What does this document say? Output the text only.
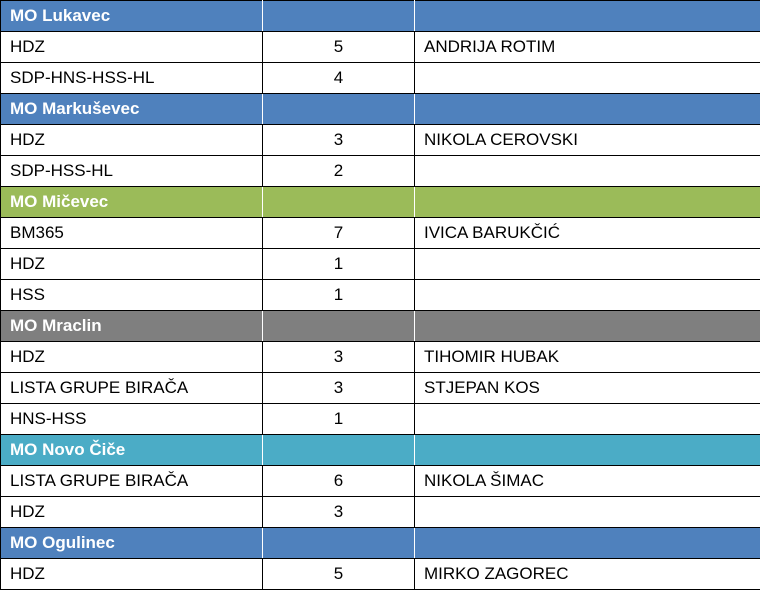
MO Lukavec		
HDZ	5	ANDRIJA ROTIM
SDP-HNS-HSS-HL	4	
MO Markuševec		
HDZ	3	NIKOLA CEROVSKI
SDP-HSS-HL	2	
MO Mičevec		
BM365	7	IVICA BARUKČIĆ
HDZ	1	
HSS	1	
MO Mraclin		
HDZ	3	TIHOMIR HUBAK
LISTA GRUPE BIRAČA	3	STJEPAN KOS
HNS-HSS	1	
MO Novo Čiče		
LISTA GRUPE BIRAČA	6	NIKOLA ŠIMAC
HDZ	3	
MO Ogulinec		
HDZ	5	MIRKO ZAGOREC
